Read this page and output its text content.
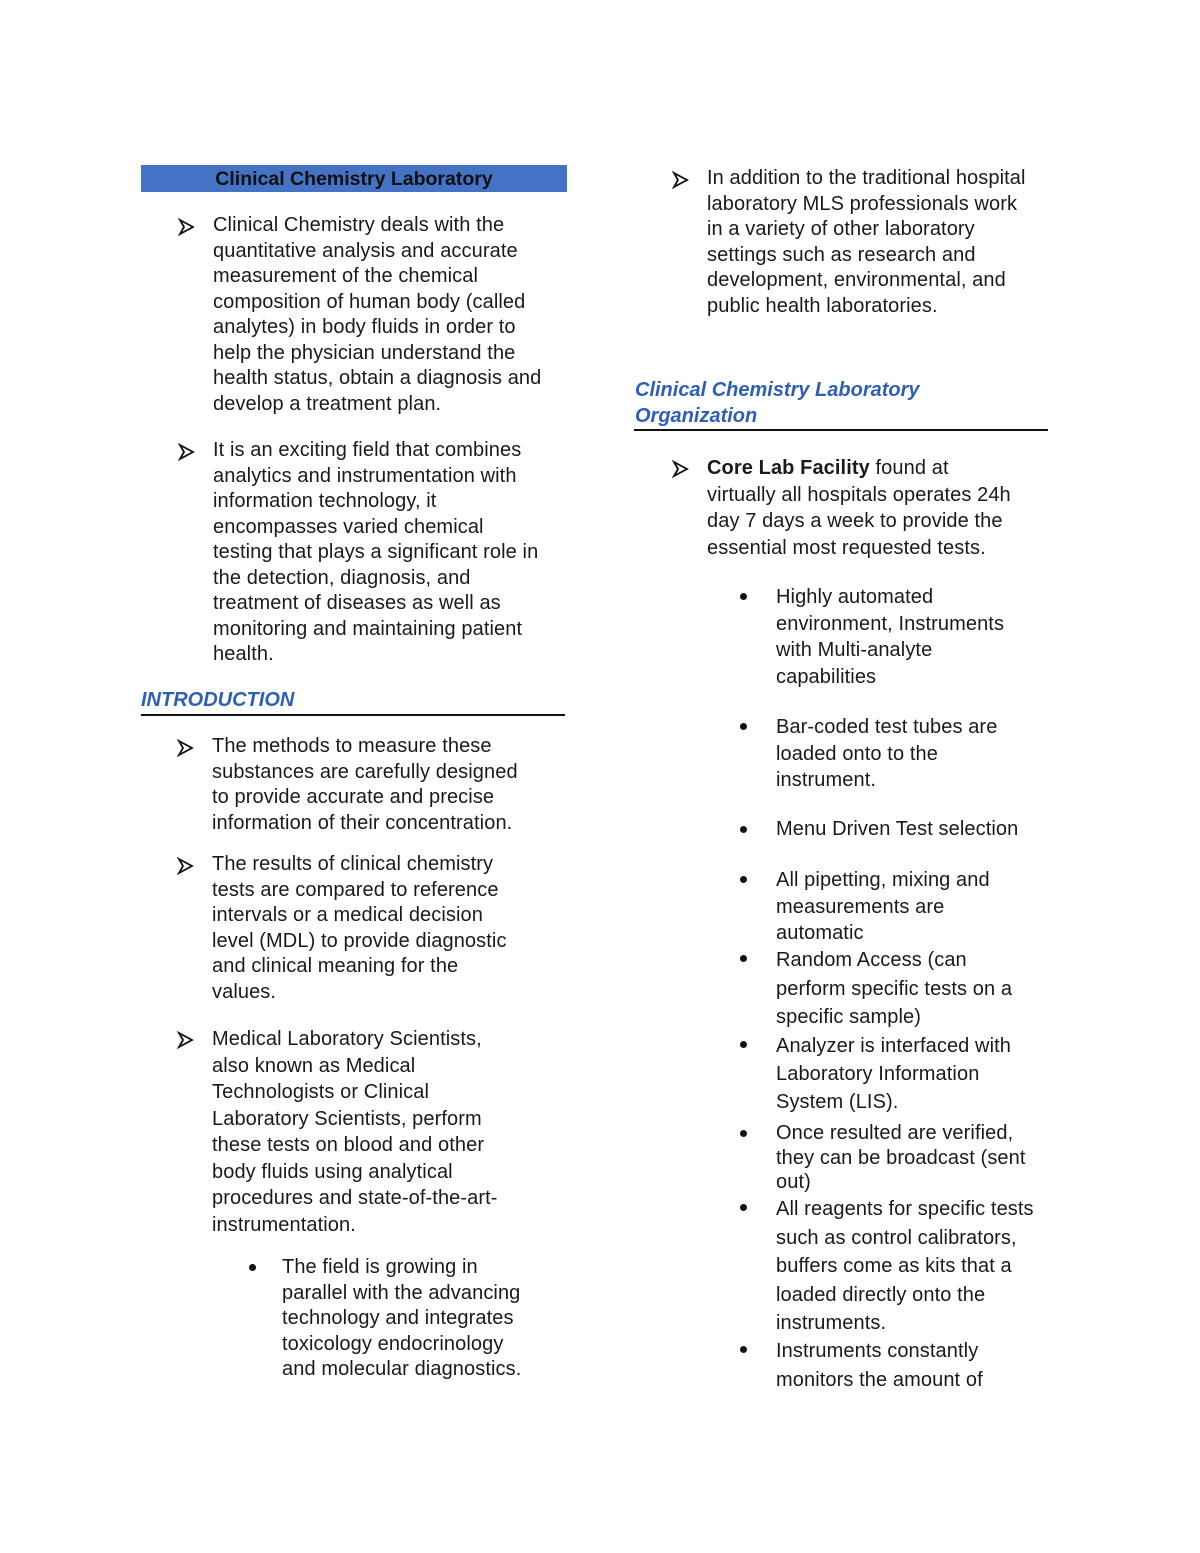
Clinical Chemistry Laboratory
Clinical Chemistry deals with the
quantitative analysis and accurate
measurement of the chemical
composition of human body (called
analytes) in body fluids in order to
help the physician understand the
health status, obtain a diagnosis and
develop a treatment plan.
It is an exciting field that combines
analytics and instrumentation with
information technology, it
encompasses varied chemical
testing that plays a significant role in
the detection, diagnosis, and
treatment of diseases as well as
monitoring and maintaining patient
health.
INTRODUCTION
The methods to measure these
substances are carefully designed
to provide accurate and precise
information of their concentration.
The results of clinical chemistry
tests are compared to reference
intervals or a medical decision
level (MDL) to provide diagnostic
and clinical meaning for the
values.
Medical Laboratory Scientists,
also known as Medical
Technologists or Clinical
Laboratory Scientists, perform
these tests on blood and other
body fluids using analytical
procedures and state-of-the-art-
instrumentation.
The field is growing in
parallel with the advancing
technology and integrates
toxicology endocrinology
and molecular diagnostics.
In addition to the traditional hospital
laboratory MLS professionals work
in a variety of other laboratory
settings such as research and
development, environmental, and
public health laboratories.
Clinical Chemistry Laboratory
Organization
Core Lab Facility found at
virtually all hospitals operates 24h
day 7 days a week to provide the
essential most requested tests.
Highly automated
environment, Instruments
with Multi-analyte
capabilities
Bar-coded test tubes are
loaded onto to the
instrument.
Menu Driven Test selection
All pipetting, mixing and
measurements are
automatic
Random Access (can
perform specific tests on a
specific sample)
Analyzer is interfaced with
Laboratory Information
System (LIS).
Once resulted are verified,
they can be broadcast (sent
out)
All reagents for specific tests
such as control calibrators,
buffers come as kits that a
loaded directly onto the
instruments.
Instruments constantly
monitors the amount of
